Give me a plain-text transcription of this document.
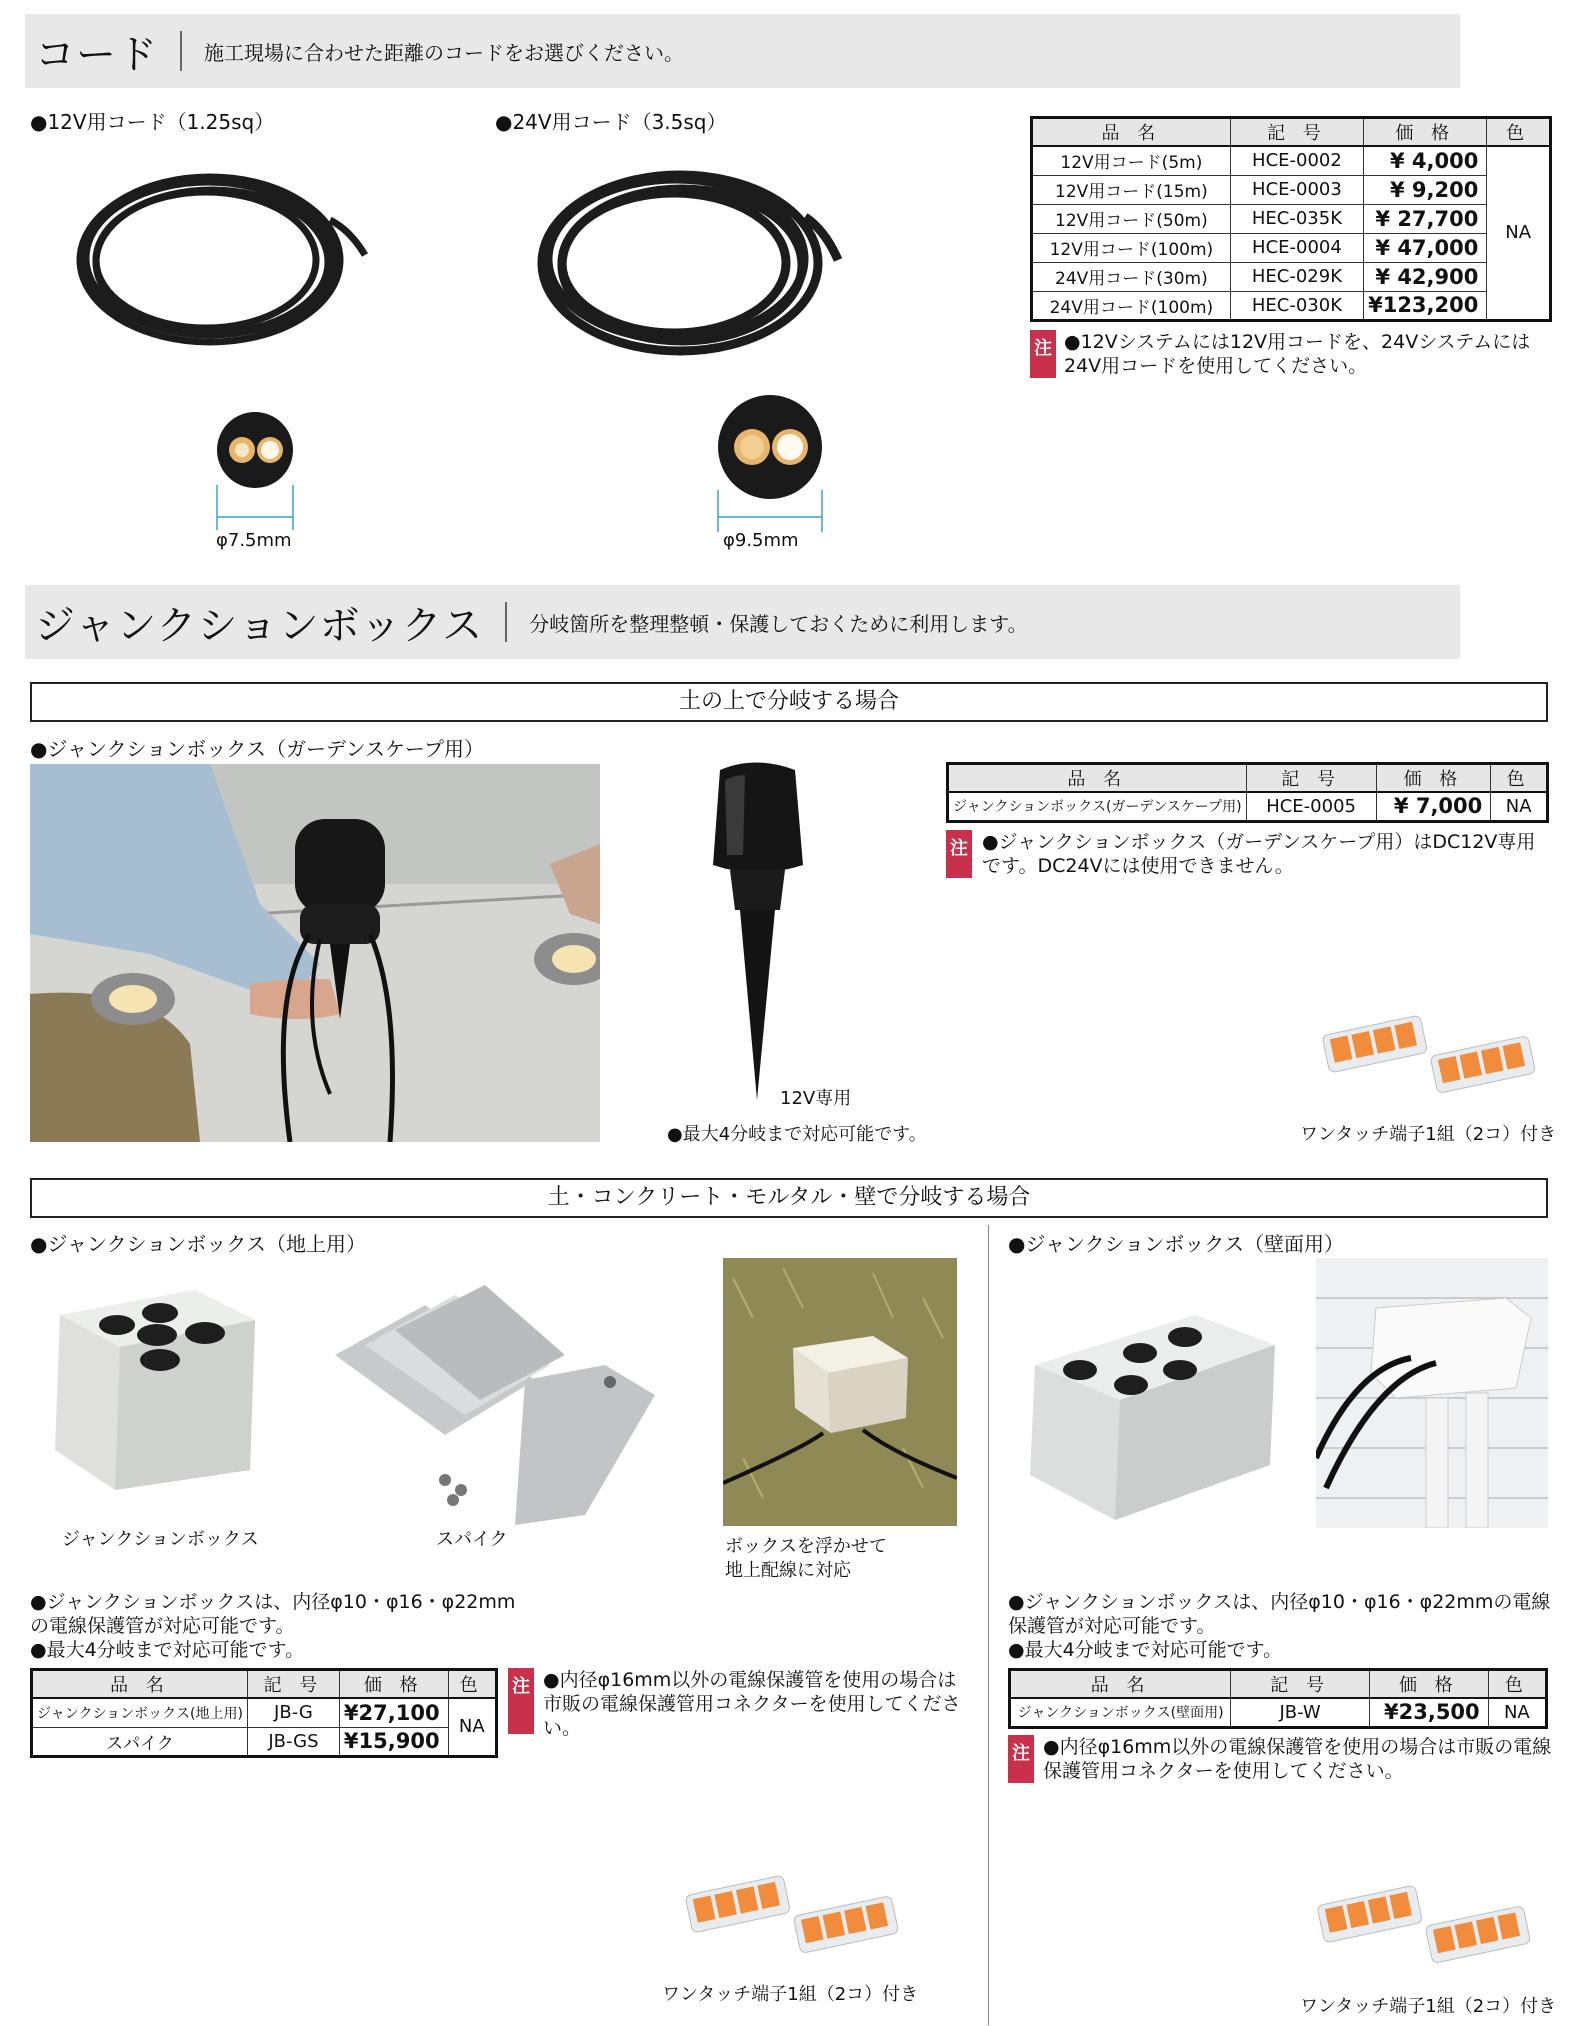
コード 施工現場に合わせた距離のコードをお選びください。
●12V用コード（1.25sq）	●24V用コード（3.5sq）
φ7.5mm	φ9.5mm
品 名	記 号	価 格	色
12V用コード(5m)	HCE-0002	¥ 4,000	NA
12V用コード(15m)	HCE-0003	¥ 9,200	
12V用コード(50m)	HEC-035K	¥ 27,700	
12V用コード(100m)	HCE-0004	¥ 47,000	
24V用コード(30m)	HEC-029K	¥ 42,900	
24V用コード(100m)	HEC-030K	¥123,200	
注 ●12Vシステムには12V用コードを、24Vシステムには24V用コードを使用してください。
ジャンクションボックス 分岐箇所を整理整頓・保護しておくために利用します。
土の上で分岐する場合
●ジャンクションボックス（ガーデンスケープ用）
12V専用
●最大4分岐まで対応可能です。
品 名	記 号	価 格	色
ジャンクションボックス(ガーデンスケープ用)	HCE-0005	¥ 7,000	NA
注 ●ジャンクションボックス（ガーデンスケープ用）はDC12V専用です。DC24Vには使用できません。
ワンタッチ端子1組（2コ）付き
土・コンクリート・モルタル・壁で分岐する場合
●ジャンクションボックス（地上用）	●ジャンクションボックス（壁面用）
ジャンクションボックス	スパイク	ボックスを浮かせて
地上配線に対応
●ジャンクションボックスは、内径φ10・φ16・φ22mmの電線保護管が対応可能です。
●最大4分岐まで対応可能です。
品 名	記 号	価 格	色
ジャンクションボックス(地上用)	JB-G	¥27,100	NA
スパイク	JB-GS	¥15,900	
注 ●内径φ16mm以外の電線保護管を使用の場合は市販の電線保護管用コネクターを使用してください。
ワンタッチ端子1組（2コ）付き
●ジャンクションボックスは、内径φ10・φ16・φ22mmの電線保護管が対応可能です。
●最大4分岐まで対応可能です。
品 名	記 号	価 格	色
ジャンクションボックス(壁面用)	JB-W	¥23,500	NA
注 ●内径φ16mm以外の電線保護管を使用の場合は市販の電線保護管用コネクターを使用してください。
ワンタッチ端子1組（2コ）付き
